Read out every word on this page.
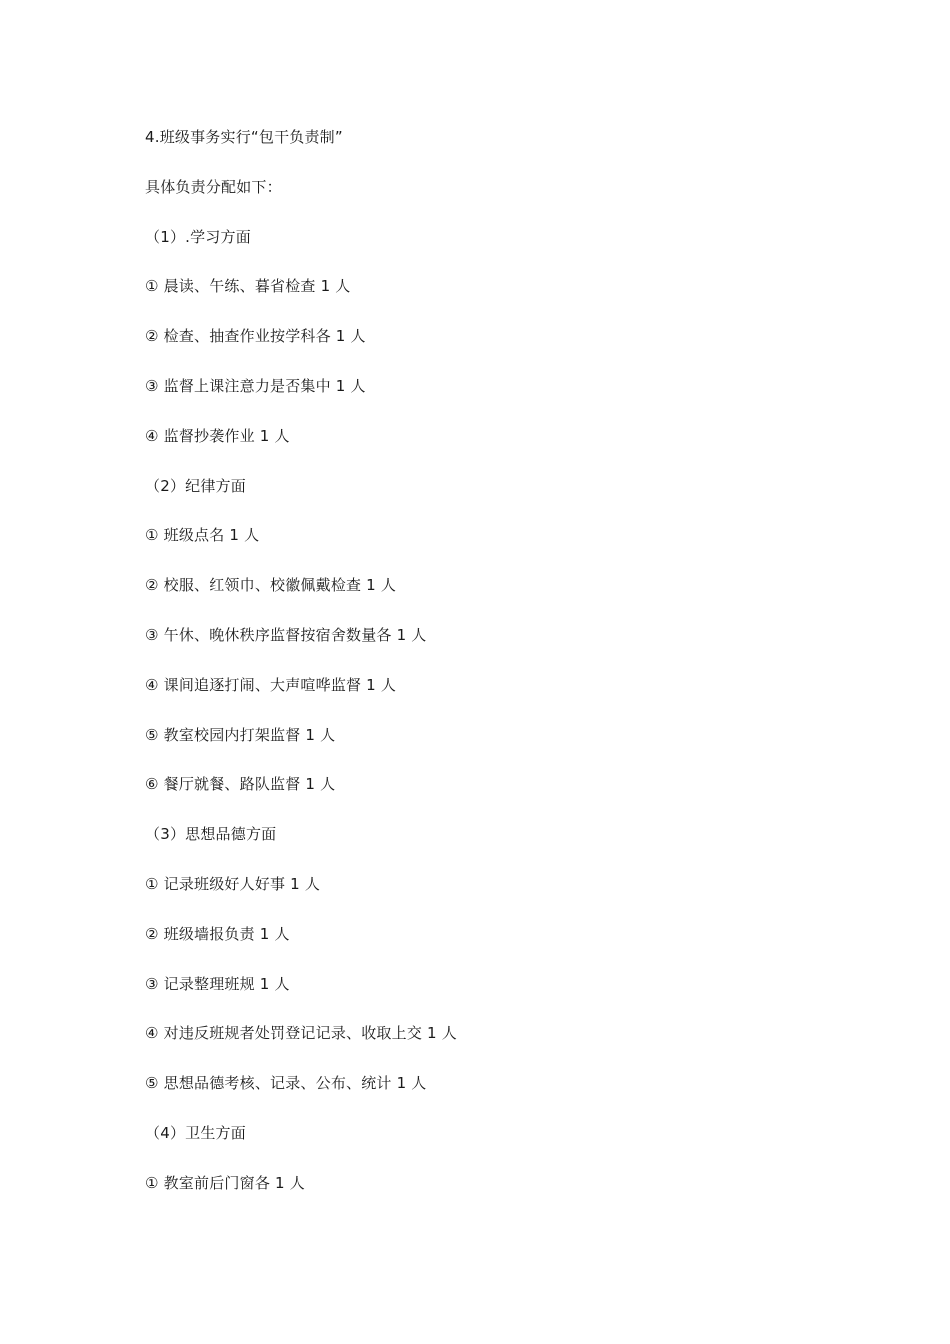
4.班级事务实行“包干负责制”
具体负责分配如下：
（1）.学习方面
① 晨读、午练、暮省检查 1 人
② 检查、抽查作业按学科各 1 人
③ 监督上课注意力是否集中 1 人
④ 监督抄袭作业 1 人
（2）纪律方面
① 班级点名 1 人
② 校服、红领巾、校徽佩戴检查 1 人
③ 午休、晚休秩序监督按宿舍数量各 1 人
④ 课间追逐打闹、大声喧哗监督 1 人
⑤ 教室校园内打架监督 1 人
⑥ 餐厅就餐、路队监督 1 人
（3）思想品德方面
① 记录班级好人好事 1 人
② 班级墙报负责 1 人
③ 记录整理班规 1 人
④ 对违反班规者处罚登记记录、收取上交 1 人
⑤ 思想品德考核、记录、公布、统计 1 人
（4）卫生方面
① 教室前后门窗各 1 人
